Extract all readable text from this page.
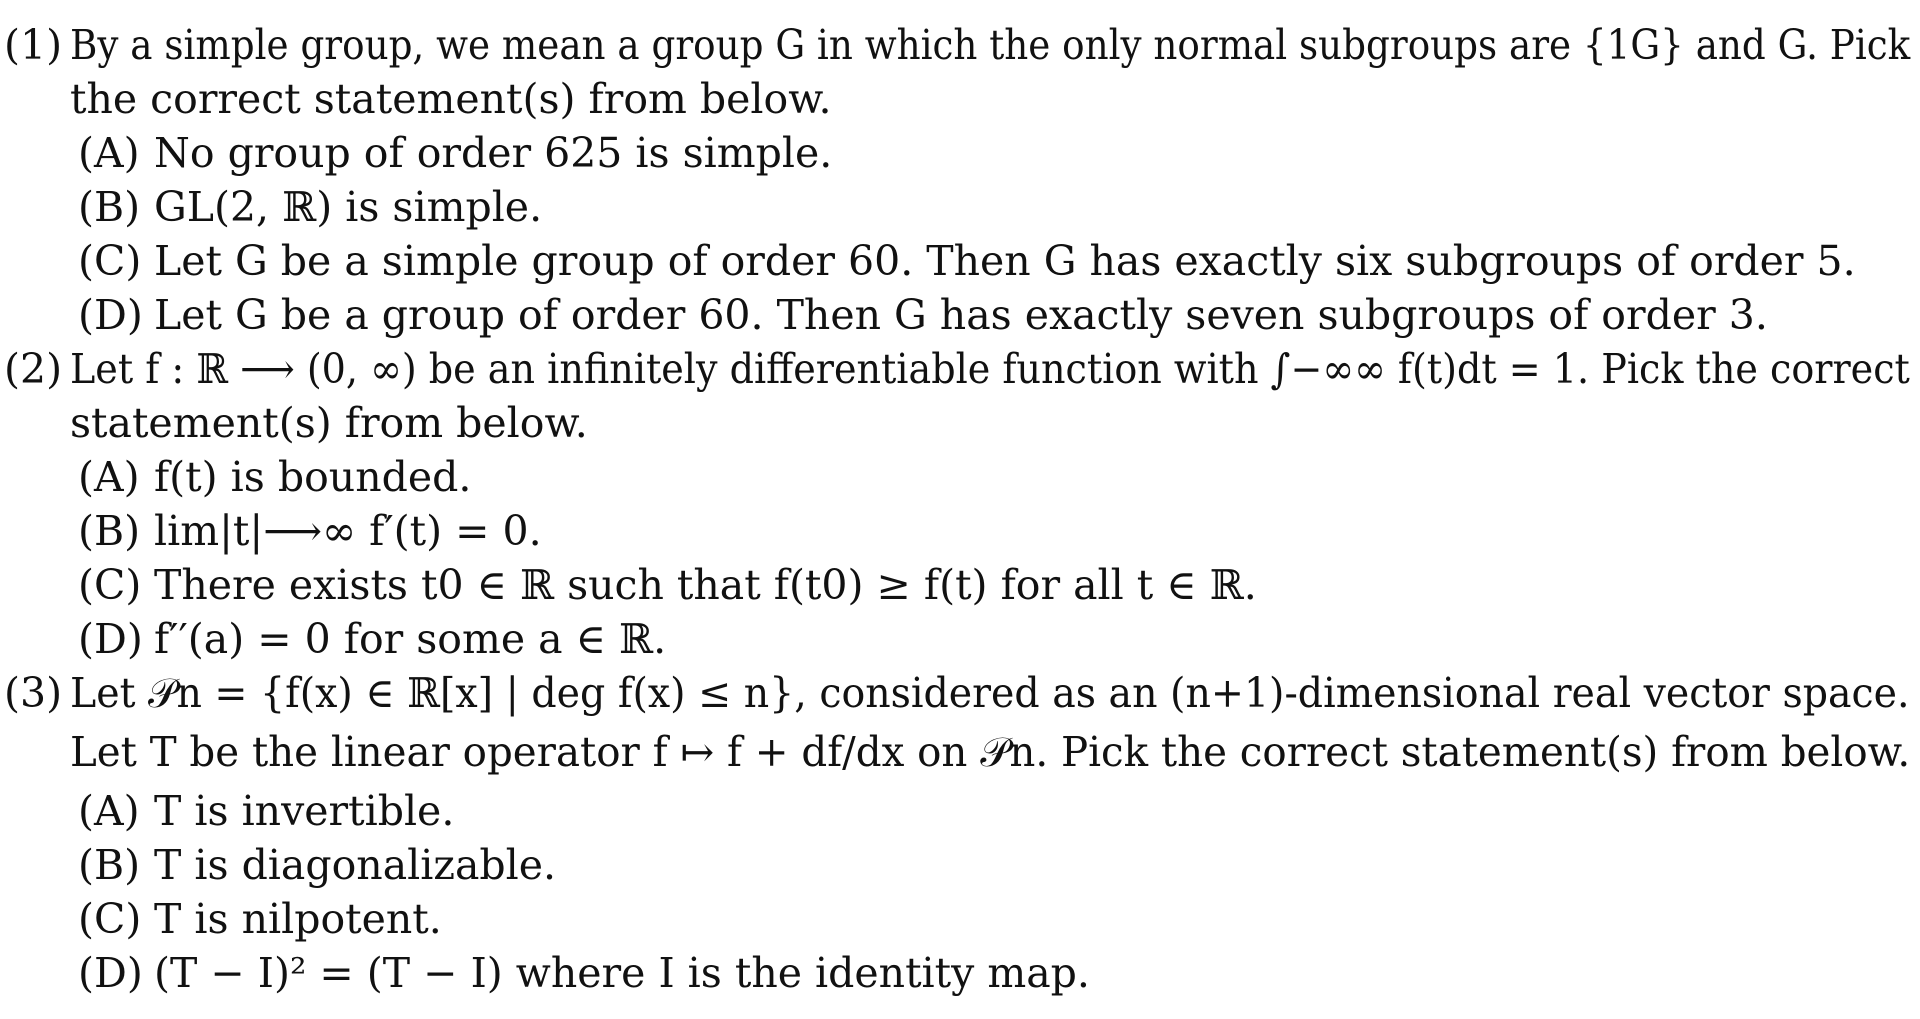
(1) By a simple group, we mean a group G in which the only normal subgroups are {1G} and G. Pick
the correct statement(s) from below.
(A) No group of order 625 is simple.
(B) GL(2, ℝ) is simple.
(C) Let G be a simple group of order 60. Then G has exactly six subgroups of order 5.
(D) Let G be a group of order 60. Then G has exactly seven subgroups of order 3.
(2) Let f : ℝ ⟶ (0, ∞) be an infinitely differentiable function with ∫−∞∞ f(t)dt = 1. Pick the correct
statement(s) from below.
(A) f(t) is bounded.
(B) lim|t|⟶∞ f′(t) = 0.
(C) There exists t0 ∈ ℝ such that f(t0) ≥ f(t) for all t ∈ ℝ.
(D) f′′(a) = 0 for some a ∈ ℝ.
(3) Let 𝒫n = {f(x) ∈ ℝ[x] | deg f(x) ≤ n}, considered as an (n+1)-dimensional real vector space.
Let T be the linear operator f ↦ f + df/dx on 𝒫n. Pick the correct statement(s) from below.
(A) T is invertible.
(B) T is diagonalizable.
(C) T is nilpotent.
(D) (T − I)² = (T − I) where I is the identity map.
